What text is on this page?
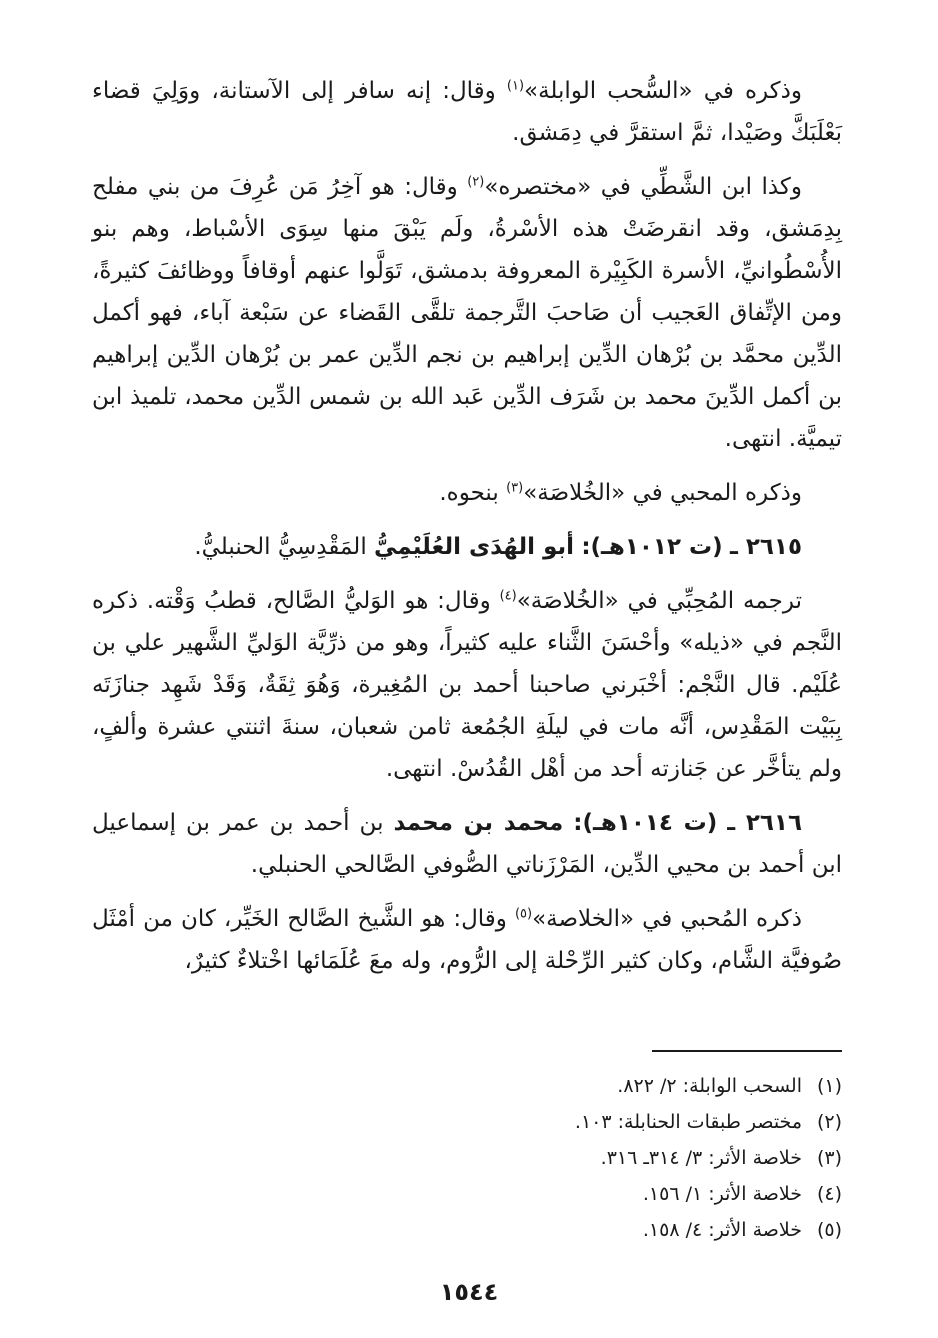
وذكره في «السُّحب الوابلة»$^{(١)}$ وقال: إنه سافر إلى الآستانة، ووَلِيَ قضاء بَعْلَبَكَّ وصَيْدا، ثمَّ استقرَّ في دِمَشق.

وكذا ابن الشَّطِّي في «مختصره»$^{(٢)}$ وقال: هو آخِرُ مَن عُرِفَ من بني مفلح بِدِمَشق، وقد انقرضَتْ هذه الأسْرةُ، ولَم يَبْقَ منها سِوَى الأسْباط، وهم بنو الأُسْطُوانيِّ، الأسرة الكَبِيْرة المعروفة بدمشق، تَوَلَّوا عنهم أوقافاً ووظائفَ كثيرةً، ومن الإتِّفاق العَجيب أن صَاحبَ التَّرجمة تلقَّى القَضاء عن سَبْعة آباء، فهو أكمل الدِّين محمَّد بن بُرْهان الدِّين إبراهيم بن نجم الدِّين عمر بن بُرْهان الدِّين إبراهيم بن أكمل الدِّينَ محمد بن شَرَف الدِّين عَبد الله بن شمس الدِّين محمد، تلميذ ابن تيميَّة. انتهى.

وذكره المحبي في «الخُلاصَة»$^{(٣)}$ بنحوه.

٢٦١٥ ـ (ت ١٠١٢هـ): أبو الهُدَى العُلَيْمِيُّ المَقْدِسِيُّ الحنبليُّ.

ترجمه المُحِبِّي في «الخُلاصَة»$^{(٤)}$ وقال: هو الوَليُّ الصَّالح، قطبُ وَقْته. ذكره النَّجم في «ذيله» وأحْسَنَ الثَّناء عليه كثيراً، وهو من ذرِّيَّة الوَليِّ الشَّهير علي بن عُلَيْم. قال النَّجْم: أخْبَرني صاحبنا أحمد بن المُغِيرة، وَهُوَ ثِقَةٌ، وَقَدْ شَهِد جنازَتَه بِبَيْت المَقْدِس، أنَّه مات في ليلَةِ الجُمُعة ثامن شعبان، سنةَ اثنتي عشرة وألفٍ، ولم يتأخَّر عن جَنازته أحد من أهْل القُدُسْ. انتهى.

٢٦١٦ ـ (ت ١٠١٤هـ): محمد بن محمد بن أحمد بن عمر بن إسماعيل ابن أحمد بن محيي الدِّين، المَرْزَناتي الصُّوفي الصَّالحي الحنبلي.

ذكره المُحبي في «الخلاصة»$^{(٥)}$ وقال: هو الشَّيخ الصَّالح الخَيِّر، كان من أمْثَل صُوفيَّة الشَّام، وكان كثير الرِّحْلة إلى الرُّوم، وله معَ عُلَمَائها اخْتلاءٌ كثيرٌ،

(١)السحب الوابلة: ٢/ ٨٢٢.
(٢)مختصر طبقات الحنابلة: ١٠٣.
(٣)خلاصة الأثر: ٣/ ٣١٤ـ ٣١٦.
(٤)خلاصة الأثر: ١/ ١٥٦.
(٥)خلاصة الأثر: ٤/ ١٥٨.
١٥٤٤
